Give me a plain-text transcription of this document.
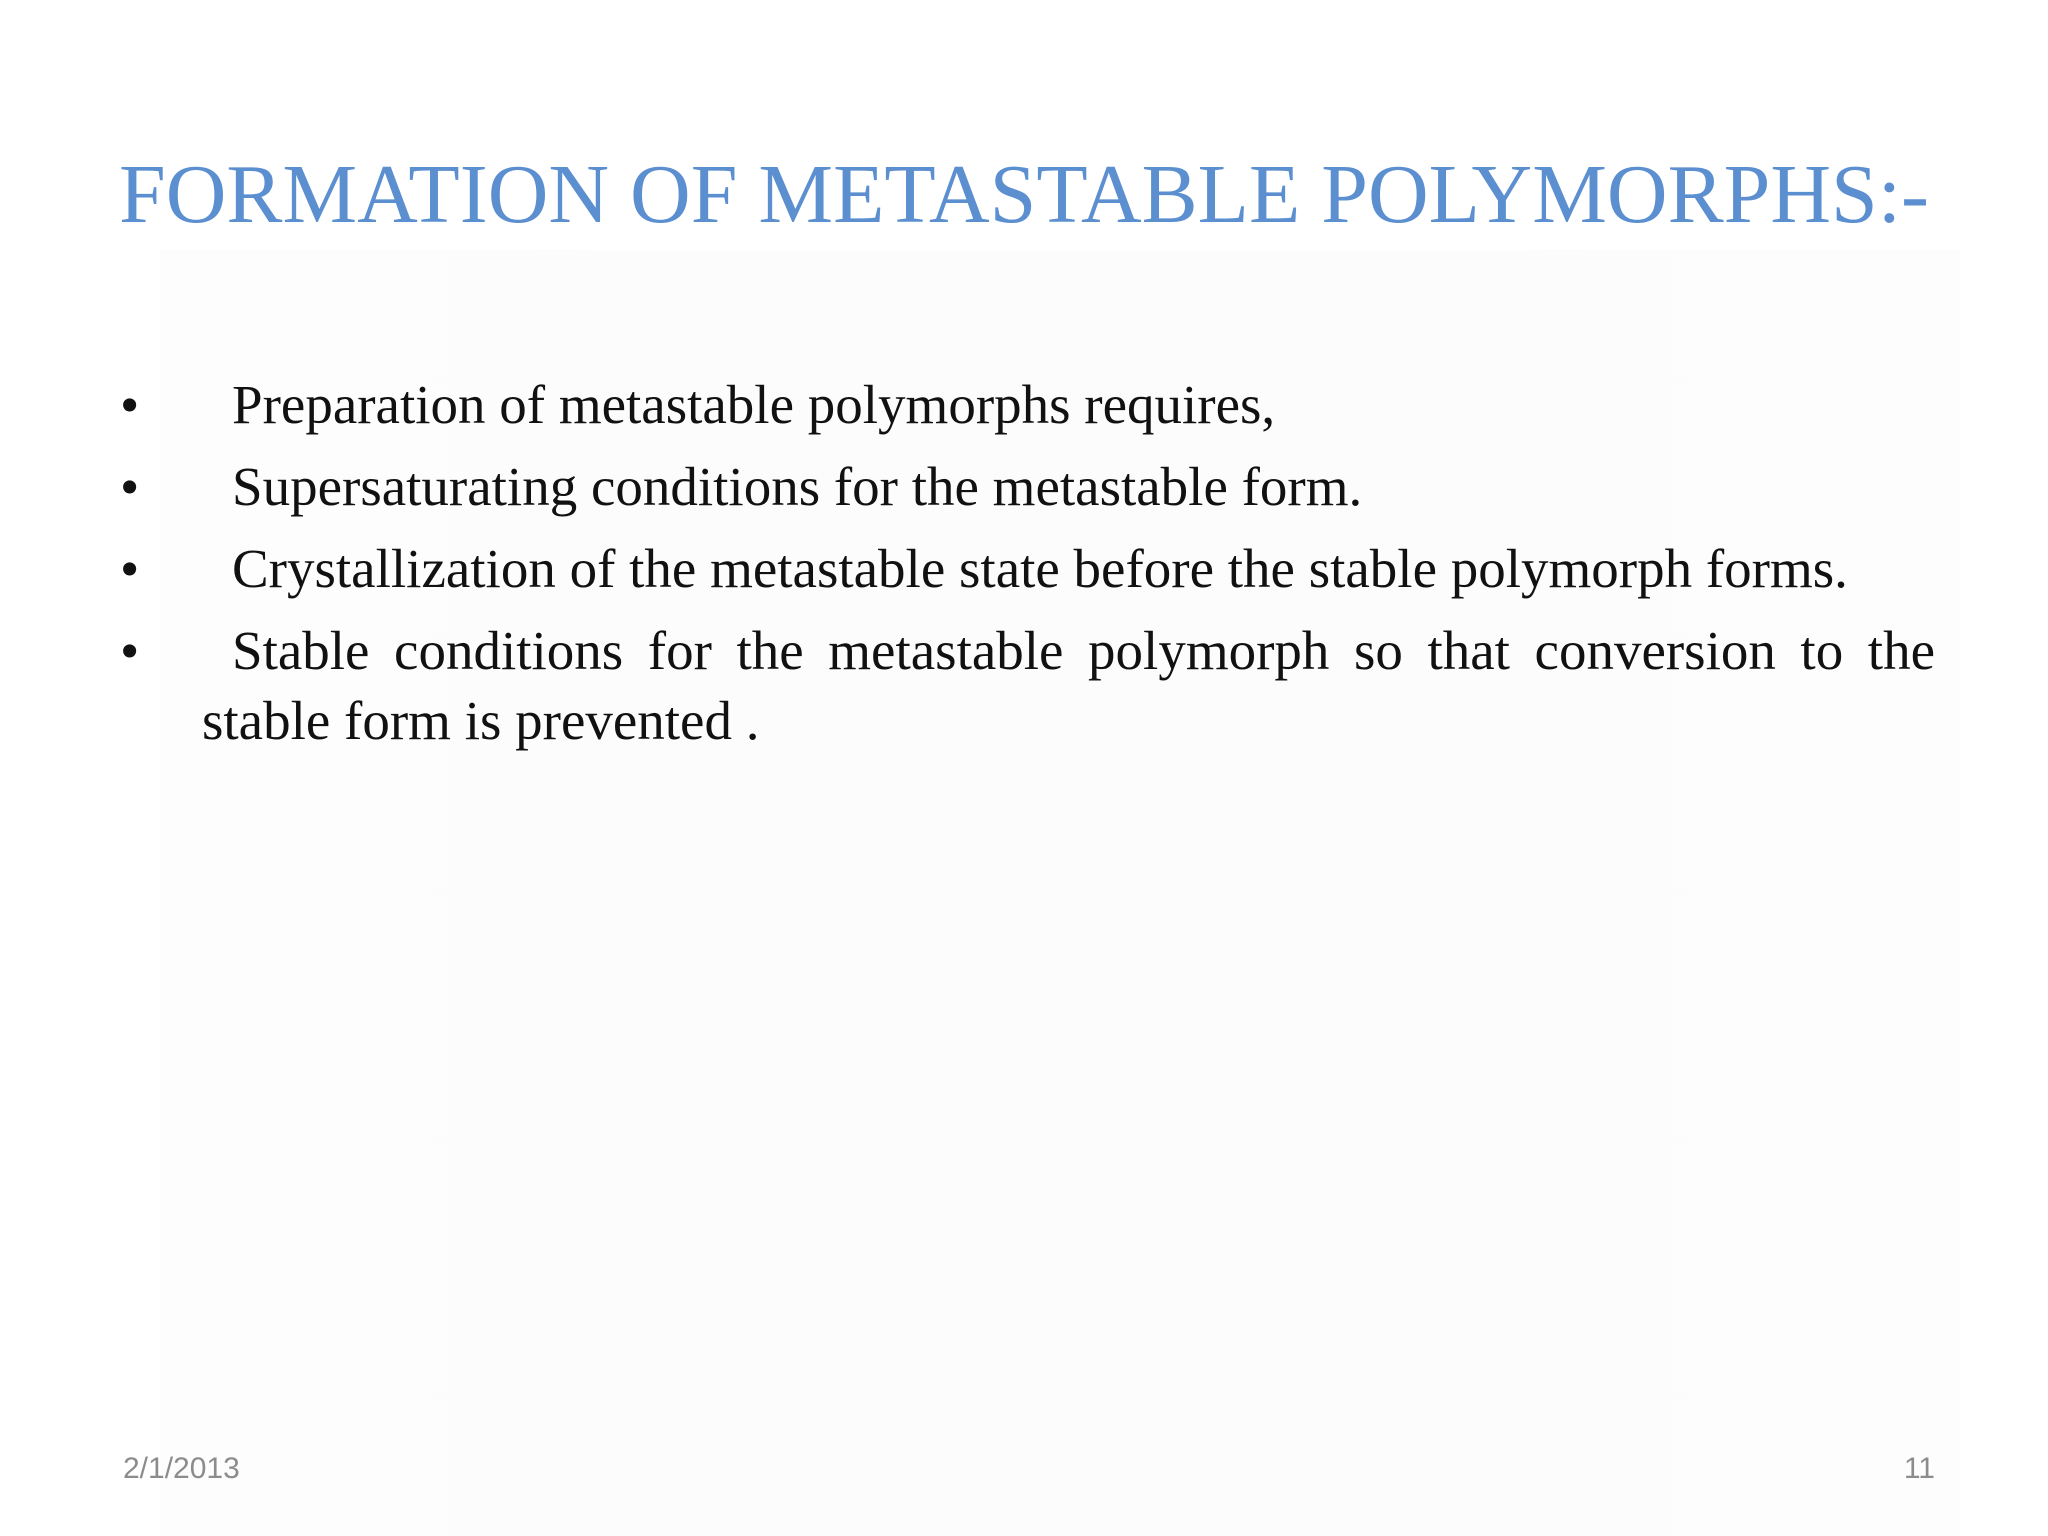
FORMATION OF METASTABLE POLYMORPHS:-
•	Preparation of metastable polymorphs requires,
•	Supersaturating conditions for the metastable form.
•	Crystallization of the metastable state before the stable polymorph forms.
•	Stable conditions for the metastable polymorph so that conversion to the stable form is prevented .
2/1/2013	11
